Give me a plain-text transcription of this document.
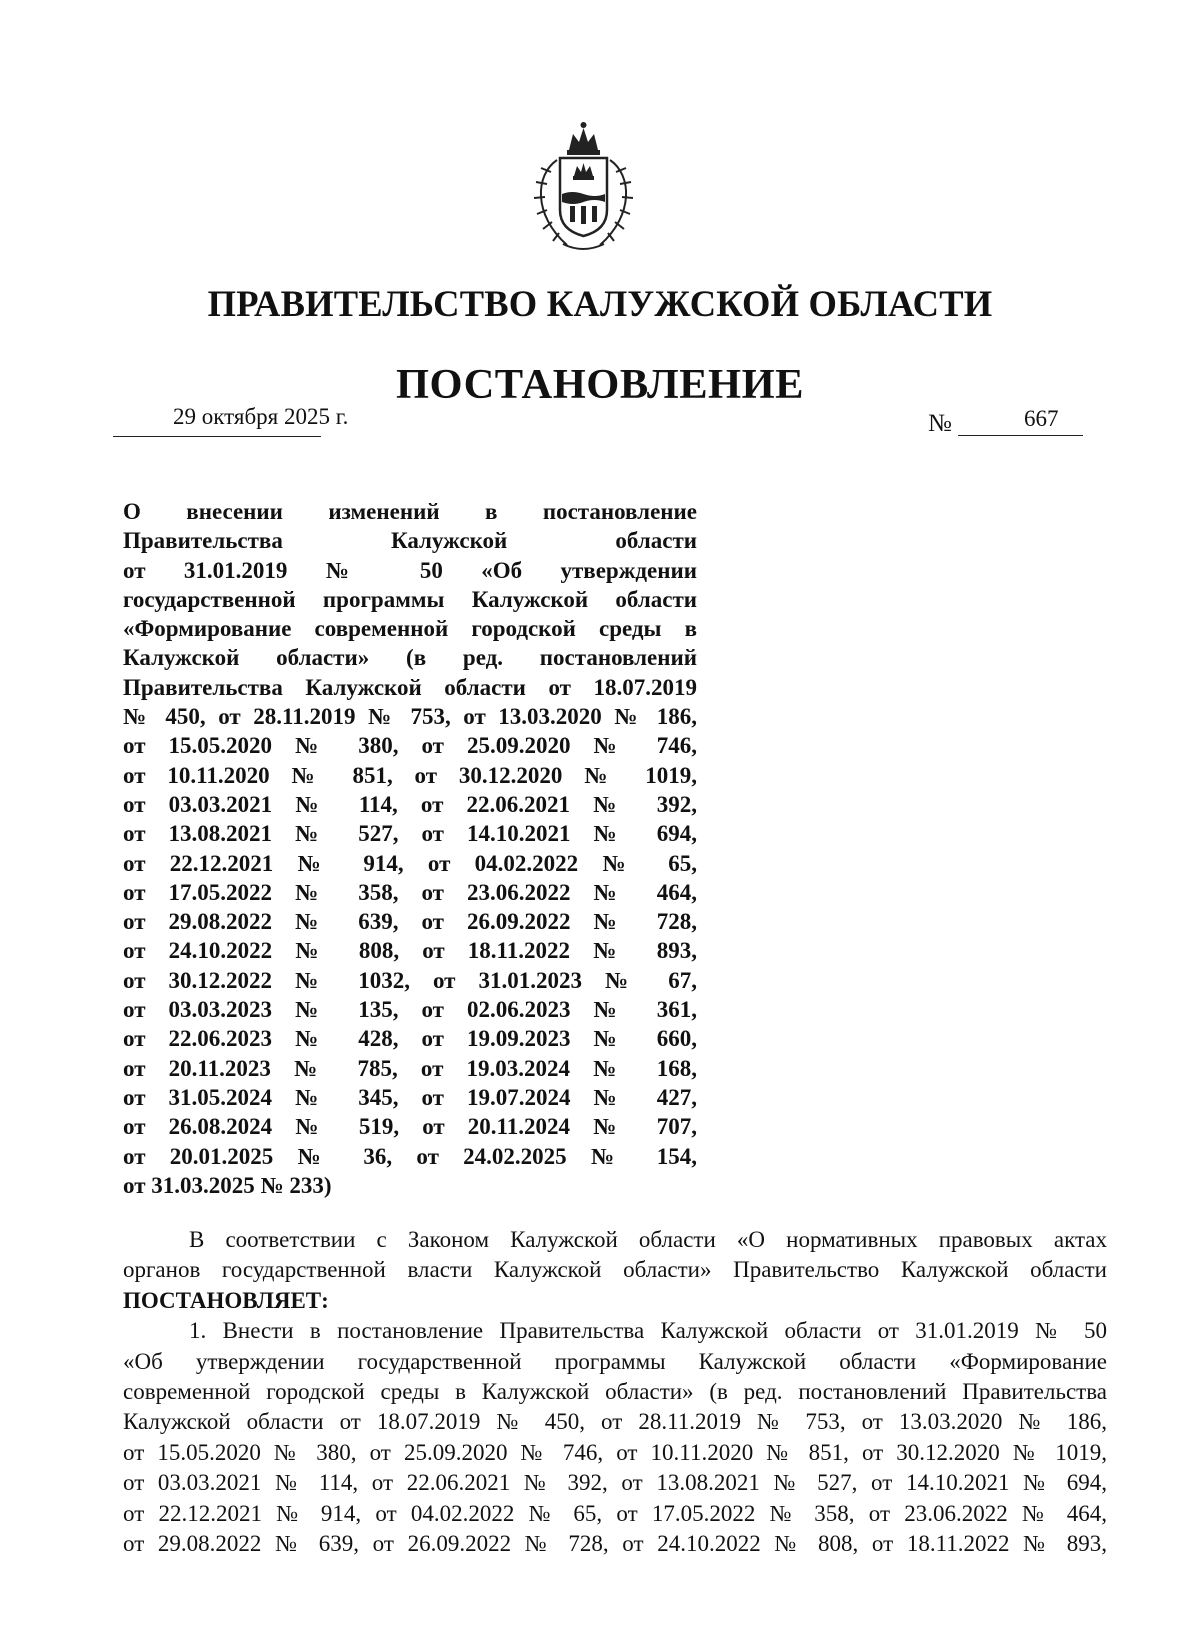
ПРАВИТЕЛЬСТВО КАЛУЖСКОЙ ОБЛАСТИ
ПОСТАНОВЛЕНИЕ
29 октября 2025 г.	№	667
О внесении изменений в постановление
Правительства Калужской области
от 31.01.2019 № 50 «Об утверждении
государственной программы Калужской области
«Формирование современной городской среды в
Калужской области» (в ред. постановлений
Правительства Калужской области от 18.07.2019
№ 450, от 28.11.2019 № 753, от 13.03.2020 № 186,
от 15.05.2020 № 380, от 25.09.2020 № 746,
от 10.11.2020 № 851, от 30.12.2020 № 1019,
от 03.03.2021 № 114, от 22.06.2021 № 392,
от 13.08.2021 № 527, от 14.10.2021 № 694,
от 22.12.2021 № 914, от 04.02.2022 № 65,
от 17.05.2022 № 358, от 23.06.2022 № 464,
от 29.08.2022 № 639, от 26.09.2022 № 728,
от 24.10.2022 № 808, от 18.11.2022 № 893,
от 30.12.2022 № 1032, от 31.01.2023 № 67,
от 03.03.2023 № 135, от 02.06.2023 № 361,
от 22.06.2023 № 428, от 19.09.2023 № 660,
от 20.11.2023 № 785, от 19.03.2024 № 168,
от 31.05.2024 № 345, от 19.07.2024 № 427,
от 26.08.2024 № 519, от 20.11.2024 № 707,
от 20.01.2025 № 36, от 24.02.2025 № 154,
от 31.03.2025 № 233)
В соответствии с Законом Калужской области «О нормативных правовых актах
органов государственной власти Калужской области» Правительство Калужской области
ПОСТАНОВЛЯЕТ:
1. Внести в постановление Правительства Калужской области от 31.01.2019 № 50
«Об утверждении государственной программы Калужской области «Формирование
современной городской среды в Калужской области» (в ред. постановлений Правительства
Калужской области от 18.07.2019 № 450, от 28.11.2019 № 753, от 13.03.2020 № 186,
от 15.05.2020 № 380, от 25.09.2020 № 746, от 10.11.2020 № 851, от 30.12.2020 № 1019,
от 03.03.2021 № 114, от 22.06.2021 № 392, от 13.08.2021 № 527, от 14.10.2021 № 694,
от 22.12.2021 № 914, от 04.02.2022 № 65, от 17.05.2022 № 358, от 23.06.2022 № 464,
от 29.08.2022 № 639, от 26.09.2022 № 728, от 24.10.2022 № 808, от 18.11.2022 № 893,
